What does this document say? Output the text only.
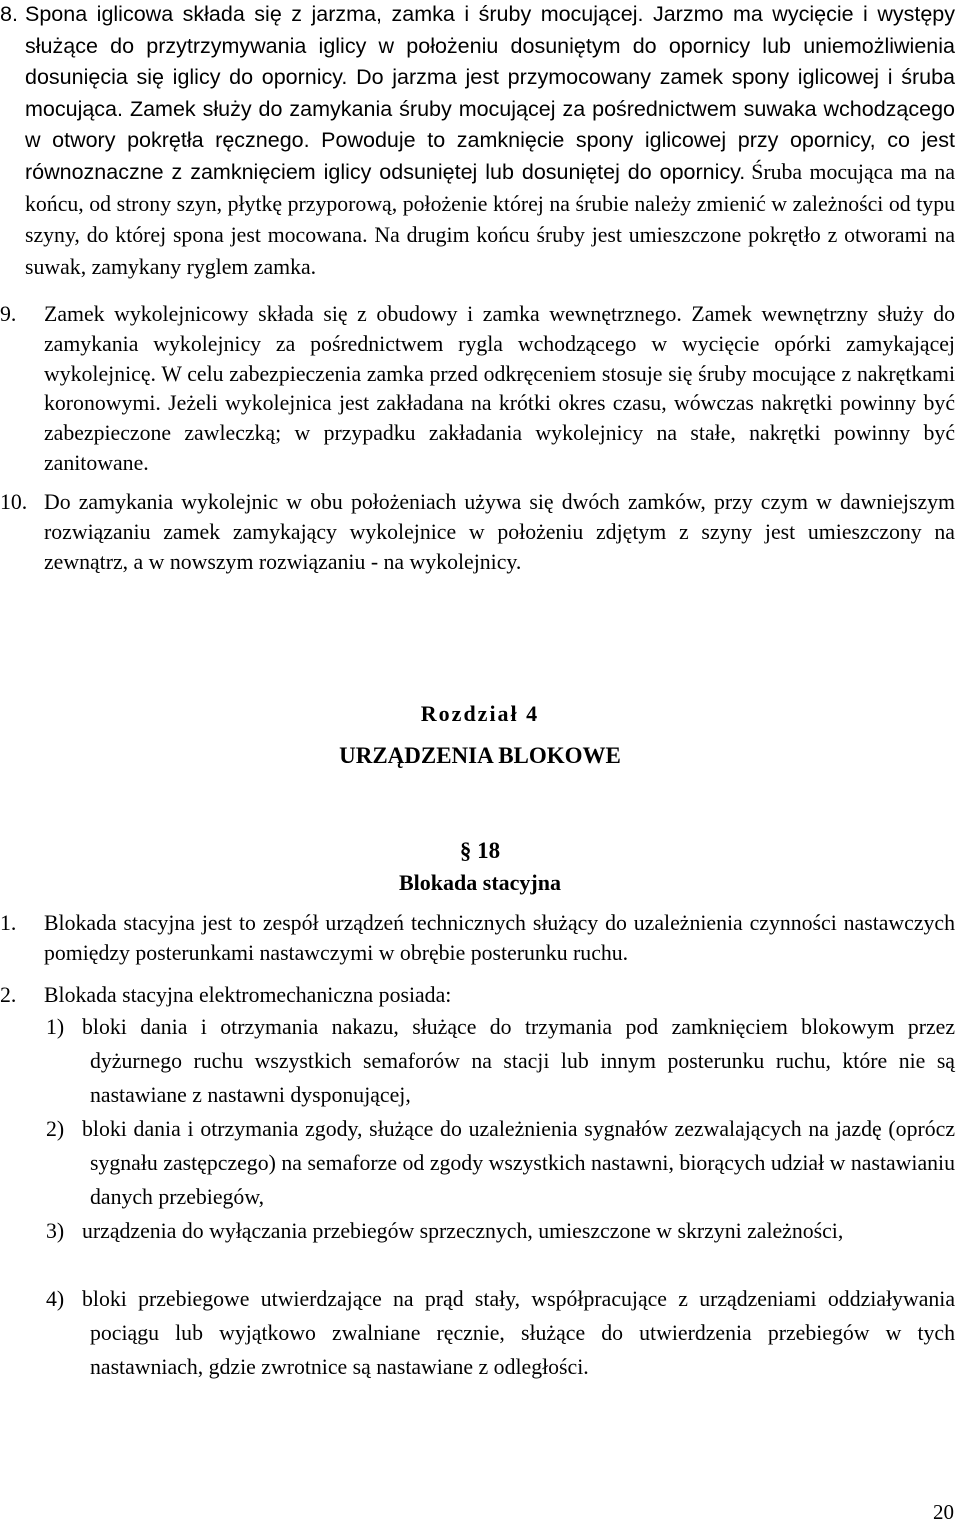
8. Spona iglicowa składa się z jarzma, zamka i śruby mocującej. Jarzmo ma wycięcie i występy służące do przytrzymywania iglicy w położeniu dosuniętym do opornicy lub uniemożliwienia dosunięcia się iglicy do opornicy. Do jarzma jest przymocowany zamek spony iglicowej i śruba mocująca. Zamek służy do zamykania śruby mocującej za pośrednictwem suwaka wchodzącego w otwory pokrętła ręcznego. Powoduje to zamknięcie spony iglicowej przy opornicy, co jest równoznaczne z zamknięciem iglicy odsuniętej lub dosuniętej do opornicy. Śruba mocująca ma na końcu, od strony szyn, płytkę przyporową, położenie której na śrubie należy zmienić w zależności od typu szyny, do której spona jest mocowana. Na drugim końcu śruby jest umieszczone pokrętło z otworami na suwak, zamykany ryglem zamka.

9.	Zamek wykolejnicowy składa się z obudowy i zamka wewnętrznego. Zamek wewnętrzny służy do zamykania wykolejnicy za pośrednictwem rygla wchodzącego w wycięcie opórki zamykającej wykolejnicę. W celu zabezpieczenia zamka przed odkręceniem stosuje się śruby mocujące z nakrętkami koronowymi. Jeżeli wykolejnica jest zakładana na krótki okres czasu, wówczas nakrętki powinny być zabezpieczone zawleczką; w przypadku zakładania wykolejnicy na stałe, nakrętki powinny być zanitowane.

10. Do zamykania wykolejnic w obu położeniach używa się dwóch zamków, przy czym w dawniejszym rozwiązaniu zamek zamykający wykolejnice w położeniu zdjętym z szyny jest umieszczony na zewnątrz, a w nowszym rozwiązaniu - na wykolejnicy.

Rozdział 4
URZĄDZENIA BLOKOWE
§ 18
Blokada stacyjna

1.	Blokada stacyjna jest to zespół urządzeń technicznych służący do uzależnienia czynności nastawczych pomiędzy posterunkami nastawczymi w obrębie posterunku ruchu.

2.	Blokada stacyjna elektromechaniczna posiada:

1) bloki dania i otrzymania nakazu, służące do trzymania pod zamknięciem blokowym przez dyżurnego ruchu wszystkich semaforów na stacji lub innym posterunku ruchu, które nie są nastawiane z nastawni dysponującej,

2) bloki dania i otrzymania zgody, służące do uzależnienia sygnałów zezwalających na jazdę (oprócz sygnału zastępczego) na semaforze od zgody wszystkich nastawni, biorących udział w nastawianiu danych przebiegów,

3) urządzenia do wyłączania przebiegów sprzecznych, umieszczone w skrzyni zależności,

4) bloki przebiegowe utwierdzające na prąd stały, współpracujące z urządzeniami oddziaływania pociągu lub wyjątkowo zwalniane ręcznie, służące do utwierdzenia przebiegów w tych nastawniach, gdzie zwrotnice są nastawiane z odległości.

20
